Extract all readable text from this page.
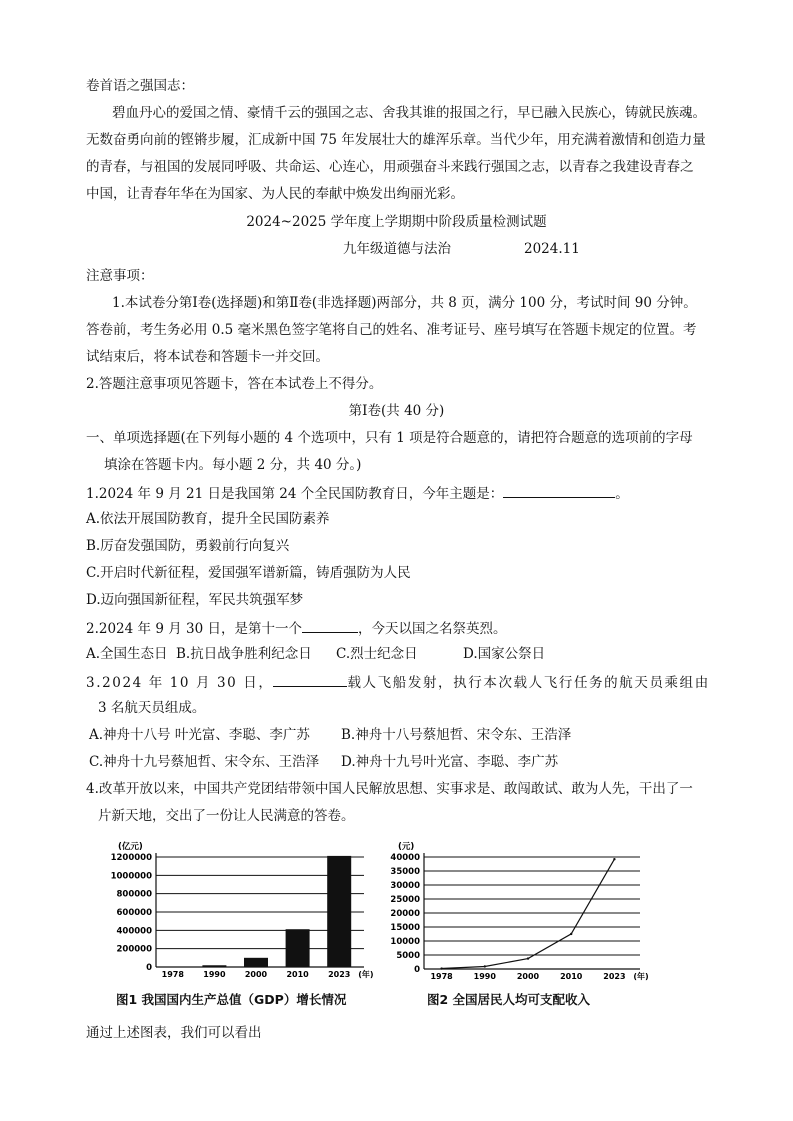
卷首语之强国志：
碧血丹心的爱国之情、豪情千云的强国之志、舍我其谁的报国之行，早已融入民族心，铸就民族魂。
无数奋勇向前的铿锵步履，汇成新中国 75 年发展壮大的雄浑乐章。当代少年，用充满着激情和创造力量
的青春，与祖国的发展同呼吸、共命运、心连心，用顽强奋斗来践行强国之志，以青春之我建设青春之
中国，让青春年华在为国家、为人民的奉献中焕发出绚丽光彩。
2024~2025 学年度上学期期中阶段质量检测试题
九年级道德与法治	2024.11
注意事项：
1.本试卷分第Ⅰ卷(选择题)和第Ⅱ卷(非选择题)两部分，共 8 页，满分 100 分，考试时间 90 分钟。
答卷前，考生务必用 0.5 毫米黑色签字笔将自己的姓名、准考证号、座号填写在答题卡规定的位置。考
试结束后，将本试卷和答题卡一并交回。
2.答题注意事项见答题卡，答在本试卷上不得分。
第Ⅰ卷(共 40 分)
一、单项选择题(在下列每小题的 4 个选项中，只有 1 项是符合题意的，请把符合题意的选项前的字母
填涂在答题卡内。每小题 2 分，共 40 分。)
1.2024 年 9 月 21 日是我国第 24 个全民国防教育日，今年主题是：	。
A.依法开展国防教育，提升全民国防素养
B.厉奋发强国防，勇毅前行向复兴
C.开启时代新征程，爱国强军谱新篇，铸盾强防为人民
D.迈向强国新征程，军民共筑强军梦
2.2024 年 9 月 30 日，是第十一个	，今天以国之名祭英烈。
A.全国生态日 B.抗日战争胜利纪念日 C.烈士纪念日	D.国家公祭日
3.2024 年 10 月 30 日，	载人飞船发射，执行本次载人飞行任务的航天员乘组由
3 名航天员组成。
A.神舟十八号 叶光富、李聪、李广苏 B.神舟十八号蔡旭哲、宋令东、王浩泽
C.神舟十九号蔡旭哲、宋令东、王浩泽 D.神舟十九号叶光富、李聪、李广苏
4.改革开放以来，中国共产党团结带领中国人民解放思想、实事求是、敢闯敢试、敢为人先，干出了一
片新天地，交出了一份让人民满意的答卷。
(亿元)
0
200000
400000
600000
800000
1000000
1200000
1978 1990 2000 2010 2023 (年)
图1 我国国内生产总值（GDP）增长情况
(元)
0
5000
10000
15000
20000
25000
30000
35000
40000
1978	1990	2000	2010	2023 (年)
图2 全国居民人均可支配收入
通过上述图表，我们可以看出
